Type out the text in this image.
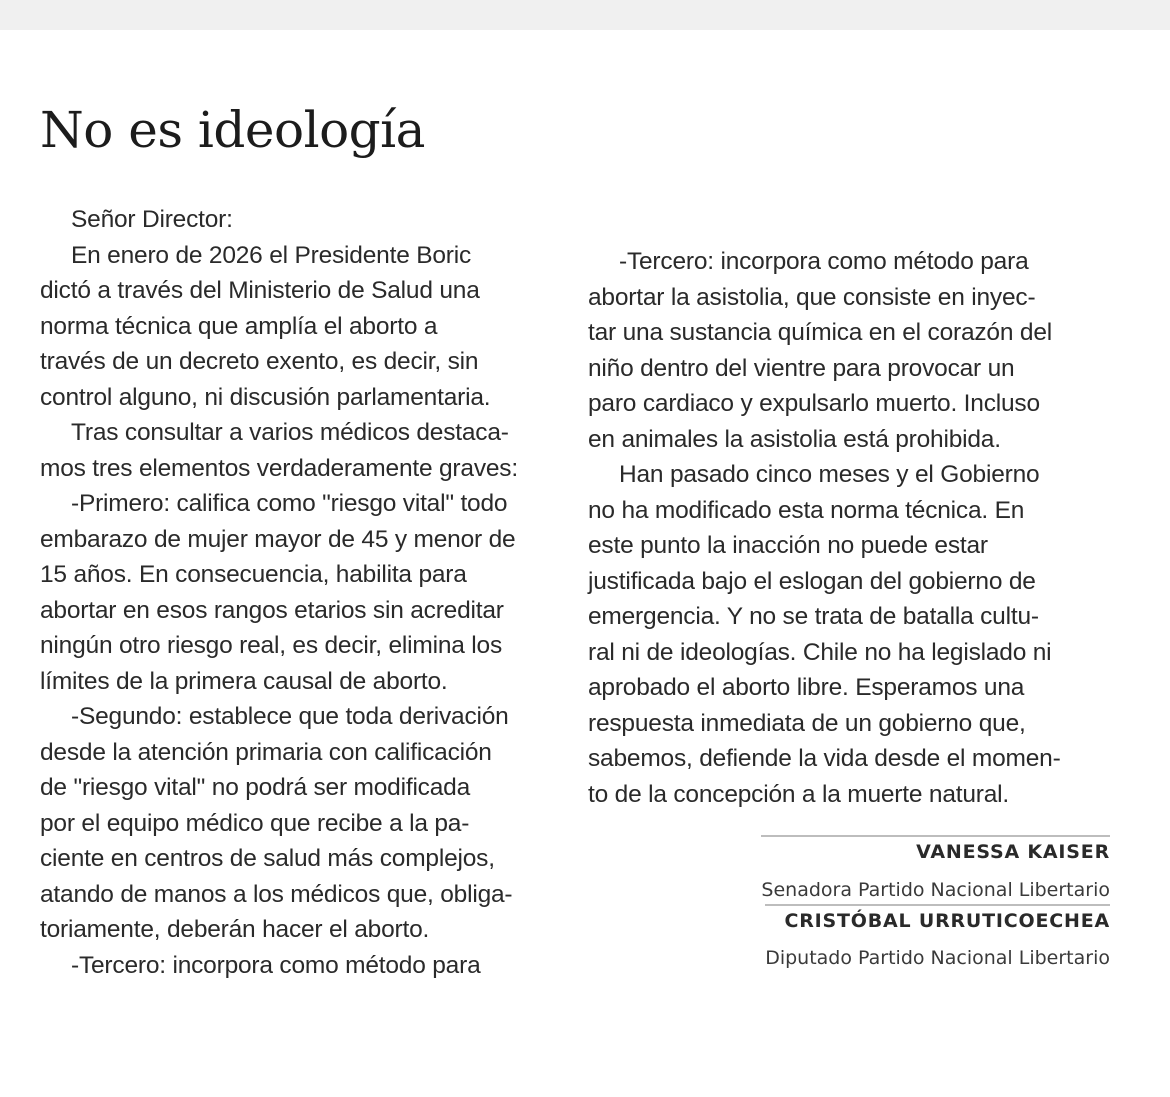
No es ideología
Señor Director:
En enero de 2026 el Presidente Boric
dictó a través del Ministerio de Salud una
norma técnica que amplía el aborto a
través de un decreto exento, es decir, sin
control alguno, ni discusión parlamentaria.
Tras consultar a varios médicos destaca-
mos tres elementos verdaderamente graves:
-Primero: califica como "riesgo vital" todo
embarazo de mujer mayor de 45 y menor de
15 años. En consecuencia, habilita para
abortar en esos rangos etarios sin acreditar
ningún otro riesgo real, es decir, elimina los
límites de la primera causal de aborto.
-Segundo: establece que toda derivación
desde la atención primaria con calificación
de "riesgo vital" no podrá ser modificada
por el equipo médico que recibe a la pa-
ciente en centros de salud más complejos,
atando de manos a los médicos que, obliga-
toriamente, deberán hacer el aborto.
-Tercero: incorpora como método para
-Tercero: incorpora como método para
abortar la asistolia, que consiste en inyec-
tar una sustancia química en el corazón del
niño dentro del vientre para provocar un
paro cardiaco y expulsarlo muerto. Incluso
en animales la asistolia está prohibida.
Han pasado cinco meses y el Gobierno
no ha modificado esta norma técnica. En
este punto la inacción no puede estar
justificada bajo el eslogan del gobierno de
emergencia. Y no se trata de batalla cultu-
ral ni de ideologías. Chile no ha legislado ni
aprobado el aborto libre. Esperamos una
respuesta inmediata de un gobierno que,
sabemos, defiende la vida desde el momen-
to de la concepción a la muerte natural.
VANESSA KAISER
Senadora Partido Nacional Libertario
CRISTÓBAL URRUTICOECHEA
Diputado Partido Nacional Libertario
